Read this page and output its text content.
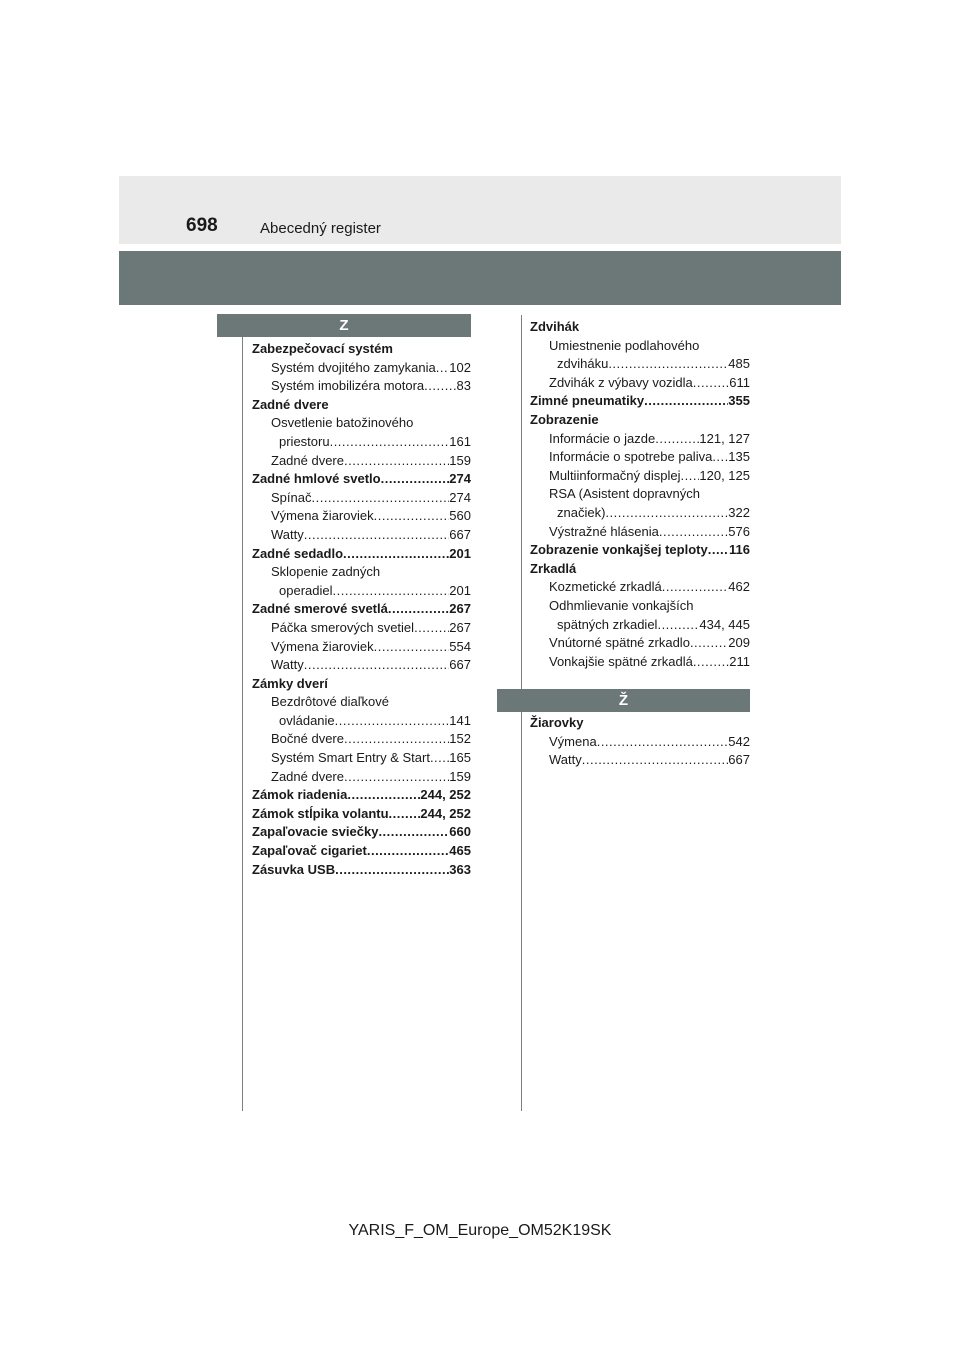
698	Abecedný register
Z
Zabezpečovací systém
Systém dvojitého zamykania ..... 102
Systém imobilizéra motora ..... 83
Zadné dvere
Osvetlenie batožinového
priestoru .....	161
Zadné dvere .....	159
Zadné hmlové svetlo .....	274
Spínač .....	274
Výmena žiaroviek .....	560
Watty .....	667
Zadné sedadlo .....	201
Sklopenie zadných
operadiel .....	201
Zadné smerové svetlá .....	267
Páčka smerových svetiel .....	267
Výmena žiaroviek .....	554
Watty .....	667
Zámky dverí
Bezdrôtové diaľkové
ovládanie .....	141
Bočné dvere .....	152
Systém Smart Entry & Start ..... 165
Zadné dvere .....	159
Zámok riadenia .....	244, 252
Zámok stĺpika volantu ..... 244, 252
Zapaľovacie sviečky .....	660
Zapaľovač cigariet .....	465
Zásuvka USB .....	363
Zdvihák
Umiestnenie podlahového
zdviháku .....	485
Zdvihák z výbavy vozidla .....	611
Zimné pneumatiky .....	355
Zobrazenie
Informácie o jazde .....	121, 127
Informácie o spotrebe paliva ..... 135
Multiinformačný displej ..... 120, 125
RSA (Asistent dopravných
značiek) .....	322
Výstražné hlásenia .....	576
Zobrazenie vonkajšej teploty ..... 116
Zrkadlá
Kozmetické zrkadlá .....	462
Odhmlievanie vonkajších
spätných zrkadiel .....	434, 445
Vnútorné spätné zrkadlo .....	209
Vonkajšie spätné zrkadlá .....	211
Ž
Žiarovky
Výmena .....	542
Watty .....	667
YARIS_F_OM_Europe_OM52K19SK
